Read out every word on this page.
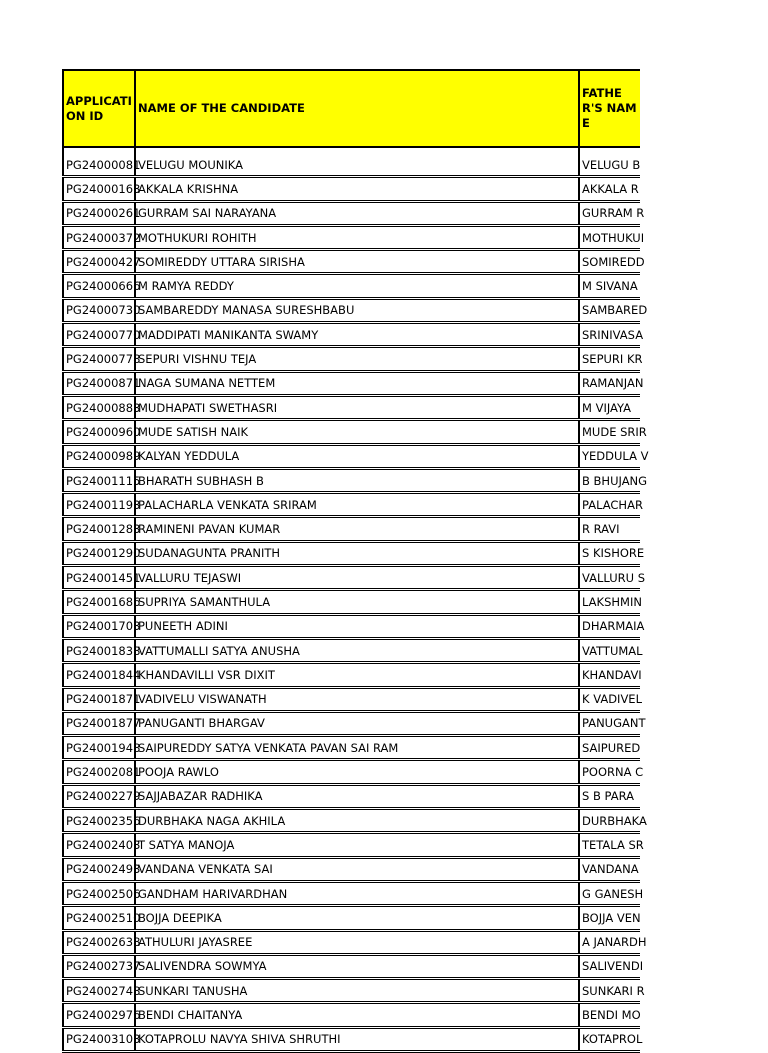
APPLICATION ID	NAME OF THE CANDIDATE	FATHER'S NAME
PG24000081	VELUGU MOUNIKA	VELUGU B
PG24000163	AKKALA KRISHNA	AKKALA R
PG24000261	GURRAM SAI NARAYANA	GURRAM R
PG24000372	MOTHUKURI ROHITH	MOTHUKUI
PG24000427	SOMIREDDY UTTARA SIRISHA	SOMIREDD
PG24000666	M RAMYA REDDY	M SIVANA
PG24000730	SAMBAREDDY MANASA SURESHBABU	SAMBARED
PG24000770	MADDIPATI MANIKANTA SWAMY	SRINIVASA
PG24000778	SEPURI VISHNU TEJA	SEPURI KR
PG24000871	NAGA SUMANA NETTEM	RAMANJAN
PG24000883	MUDHAPATI SWETHASRI	M VIJAYA
PG24000960	MUDE SATISH NAIK	MUDE SRIR
PG24000989	KALYAN YEDDULA	YEDDULA V
PG24001115	BHARATH SUBHASH B	B BHUJANG
PG24001193	PALACHARLA VENKATA SRIRAM	PALACHAR
PG24001283	RAMINENI PAVAN KUMAR	R RAVI
PG24001290	SUDANAGUNTA PRANITH	S KISHORE
PG24001451	VALLURU TEJASWI	VALLURU S
PG24001686	SUPRIYA SAMANTHULA	LAKSHMIN
PG24001703	PUNEETH ADINI	DHARMAIA
PG24001838	VATTUMALLI SATYA ANUSHA	VATTUMAL
PG24001844	KHANDAVILLI VSR DIXIT	KHANDAVI
PG24001871	VADIVELU VISWANATH	K VADIVEL
PG24001877	PANUGANTI BHARGAV	PANUGANT
PG24001948	SAIPUREDDY SATYA VENKATA PAVAN SAI RAM	SAIPURED
PG24002081	POOJA RAWLO	POORNA C
PG24002279	SAJJABAZAR RADHIKA	S B PARA
PG24002356	DURBHAKA NAGA AKHILA	DURBHAKA
PG24002403	T SATYA MANOJA	TETALA SR
PG24002493	VANDANA VENKATA SAI	VANDANA
PG24002506	GANDHAM HARIVARDHAN	G GANESH
PG24002510	BOJJA DEEPIKA	BOJJA VEN
PG24002638	ATHULURI JAYASREE	A JANARDH
PG24002737	SALIVENDRA SOWMYA	SALIVENDI
PG24002748	SUNKARI TANUSHA	SUNKARI R
PG24002976	BENDI CHAITANYA	BENDI MO
PG24003103	KOTAPROLU NAVYA SHIVA SHRUTHI	KOTAPROL
